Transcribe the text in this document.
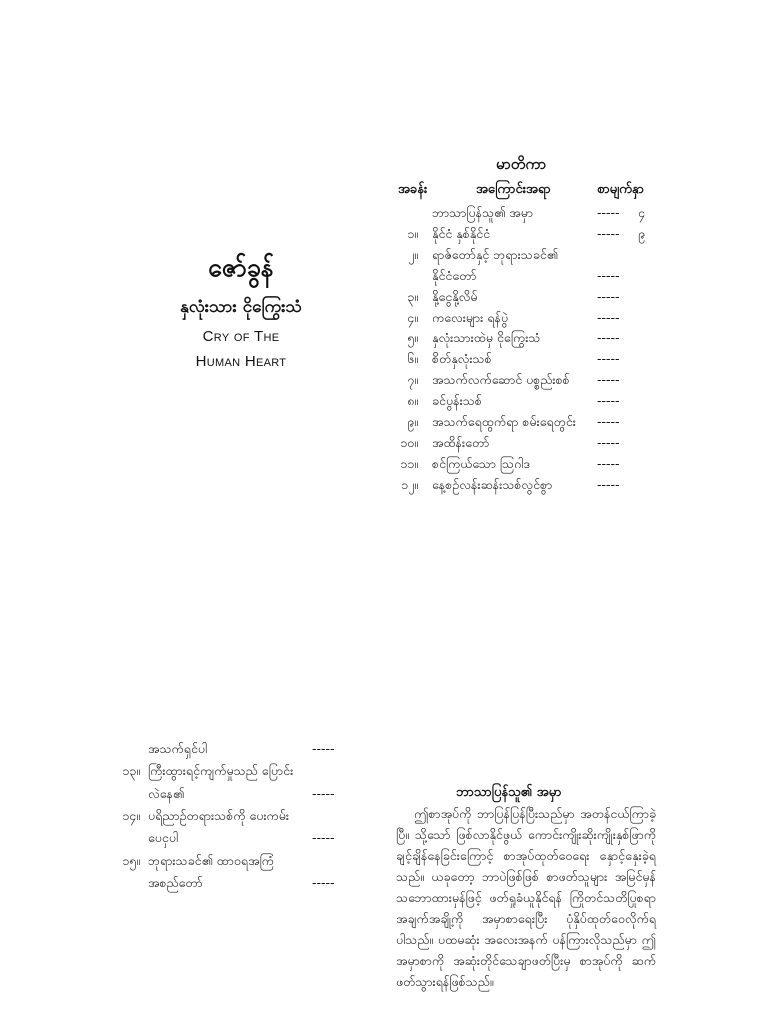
ဇော်ခွန်
နှလုံးသား ငိုကြွေးသံ
Cry of The
Human Heart
မာတိကာ
အခန်း	အကြောင်းအရာ	စာမျက်နှာ
ဘာသာပြန်သူ၏ အမှာ	----- ၄
၁။ နိုင်ငံ နှစ်နိုင်ငံ	----- ၉
၂။ ရာဇ်တော်နှင့် ဘုရားသခင်၏
နိုင်ငံတော်	-----
၃။ နို့ငွေနို့လိမ်	-----
၄။ ကလေးများ ရန်ပွဲ	-----
၅။ နှလုံးသားထဲမှ ငိုကြွေးသံ	-----
၆။ စိတ်နှလုံးသစ်	-----
၇။ အသက်လက်ဆောင် ပစ္စည်းစစ် -----
၈။ ခင်ပွန်းသစ်	-----
၉။ အသက်ရေထွက်ရာ စမ်းရေတွင်း -----
၁၀။ အထိန်းတော်	-----
၁၁။ စင်ကြယ်သော ဩဂါဒ	-----
၁၂။ နေ့စဉ်လန်းဆန်းသစ်လွင်စွာ	-----
အသက်ရှင်ပါ	-----
၁၃။ ကြီးထွားရင့်ကျက်မှုသည် ပြောင်း
လဲနေ၏	-----
၁၄။ ပရိညာဉ်တရားသစ်ကို ပေးကမ်း
ပေငှပါ	-----
၁၅။ ဘုရားသခင်၏ ထာဝရအကြံ
အစည်တော်	-----
ဘာသာပြန်သူ၏ အမှာ
ဤစာအုပ်ကို ဘာပြန်ပြန်ပြီးသည်မှာ အတန်ငယ်ကြာခဲ့ပြီ။ သို့သော် ဖြစ်လာနိုင်ဖွယ် ကောင်းကျိုးဆိုးကျိုးနှစ်ဖြာကို ချင့်ချိန်နေခြင်းကြောင့် စာအုပ်ထုတ်ဝေရေး နှောင့်နှေးခဲ့ရသည်။ ယခုတော့ ဘာပဲဖြစ်ဖြစ် စာဖတ်သူများ အမြင်မှန် သဘောထားမှန်ဖြင့် ဖတ်ရှုခံယူနိုင်ရန် ကြိုတင်သတိပြုစရာ အချက်အချို့ကို အမှာစာရေးပြီး ပုံနှိပ်ထုတ်ဝေလိုက်ရပါသည်။ ပထမဆုံး အလေးအနက် ပန်ကြားလိုသည်မှာ ဤအမှာစာကို အဆုံးတိုင်သေချာဖတ်ပြီးမှ စာအုပ်ကို ဆက်ဖတ်သွားရန်ဖြစ်သည်။
